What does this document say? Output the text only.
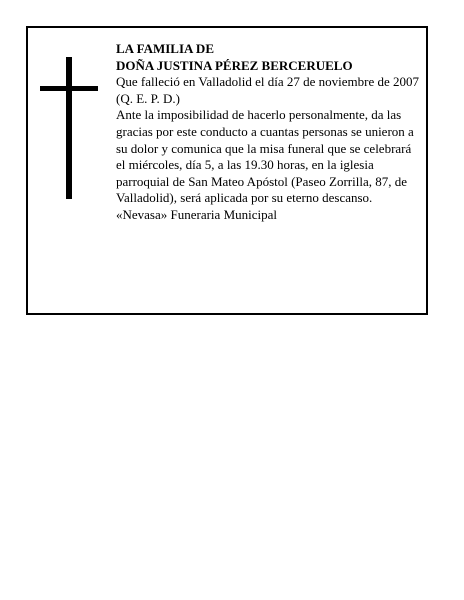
LA FAMILIA DE

DOÑA JUSTINA PÉREZ BERCERUELO

Que falleció en Valladolid el día 27 de noviembre de 2007

(Q. E. P. D.)

Ante la imposibilidad de hacerlo personalmente, da las gracias por este conducto a cuantas personas se unieron a su dolor y comunica que la misa funeral que se celebrará el miércoles, día 5, a las 19.30 horas, en la iglesia parroquial de San Mateo Apóstol (Paseo Zorrilla, 87, de Valladolid), será aplicada por su eterno descanso.

«Nevasa» Funeraria Municipal
